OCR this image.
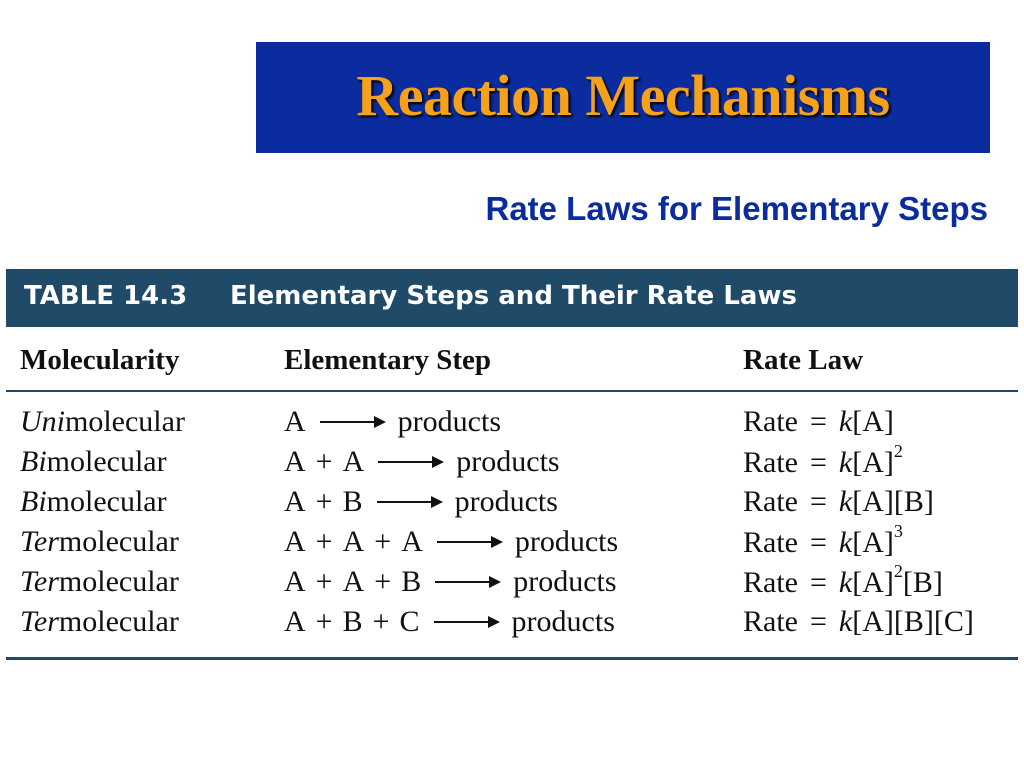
Reaction Mechanisms
Rate Laws for Elementary Steps
TABLE 14.3 Elementary Steps and Their Rate Laws
Molecularity	Elementary Step	Rate Law
Unimolecular	A → products	Rate = k[A]
Bimolecular	A + A → products	Rate = $k[A]^2$
Bimolecular	A + B → products	Rate = k[A][B]
Termolecular	A + A + A → products	Rate = $k[A]^3$
Termolecular	A + A + B → products	Rate = $k[A]^2[B]$
Termolecular	A + B + C → products	Rate = k[A][B][C]
